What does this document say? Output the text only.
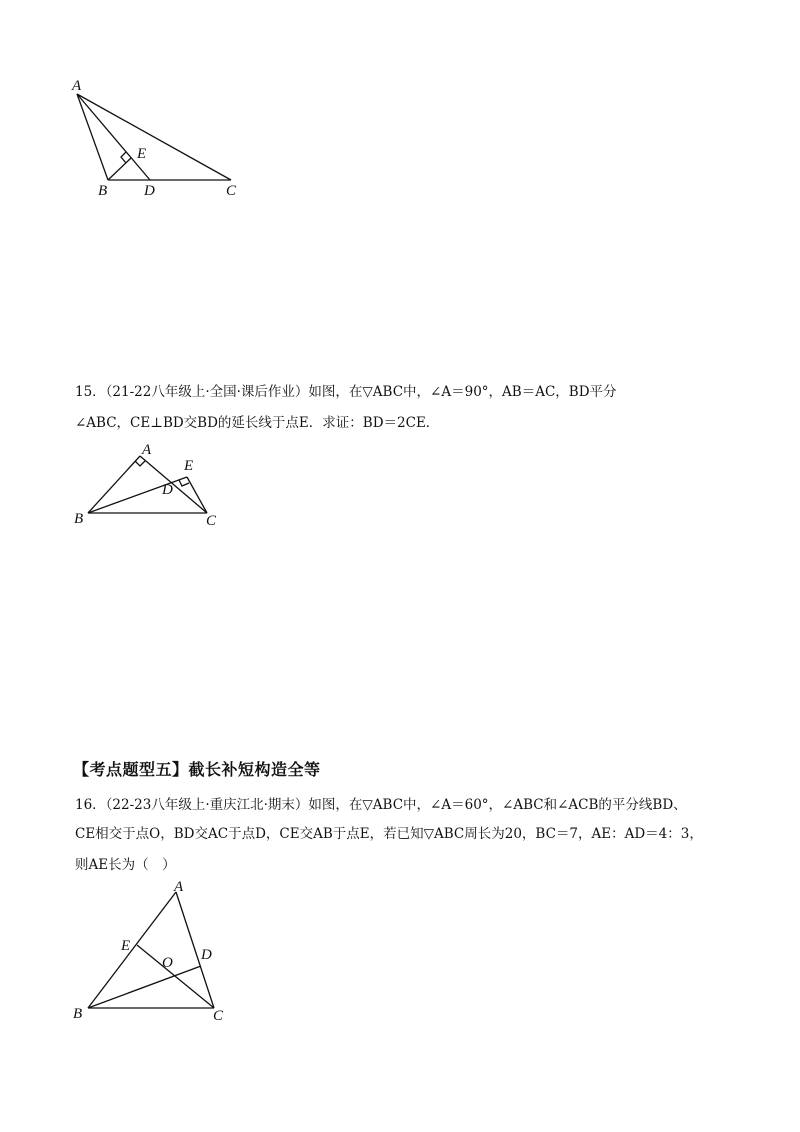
A
B D	C
E
15．（21-22八年级上·全国·课后作业）如图，在▽ABC中，∠A＝90°，AB＝AC，BD平分
∠ABC，CE⊥BD交BD的延长线于点E．求证：BD＝2CE．
A
B	C
D
E
【考点题型五】截长补短构造全等
16．（22-23八年级上·重庆江北·期末）如图，在▽ABC中，∠A＝60°，∠ABC和∠ACB的平分线BD、
CE相交于点O，BD交AC于点D，CE交AB于点E，若已知▽ABC周长为20，BC＝7，AE：AD＝4：3，
则AE长为（　）
A
B	C
D
E
O
